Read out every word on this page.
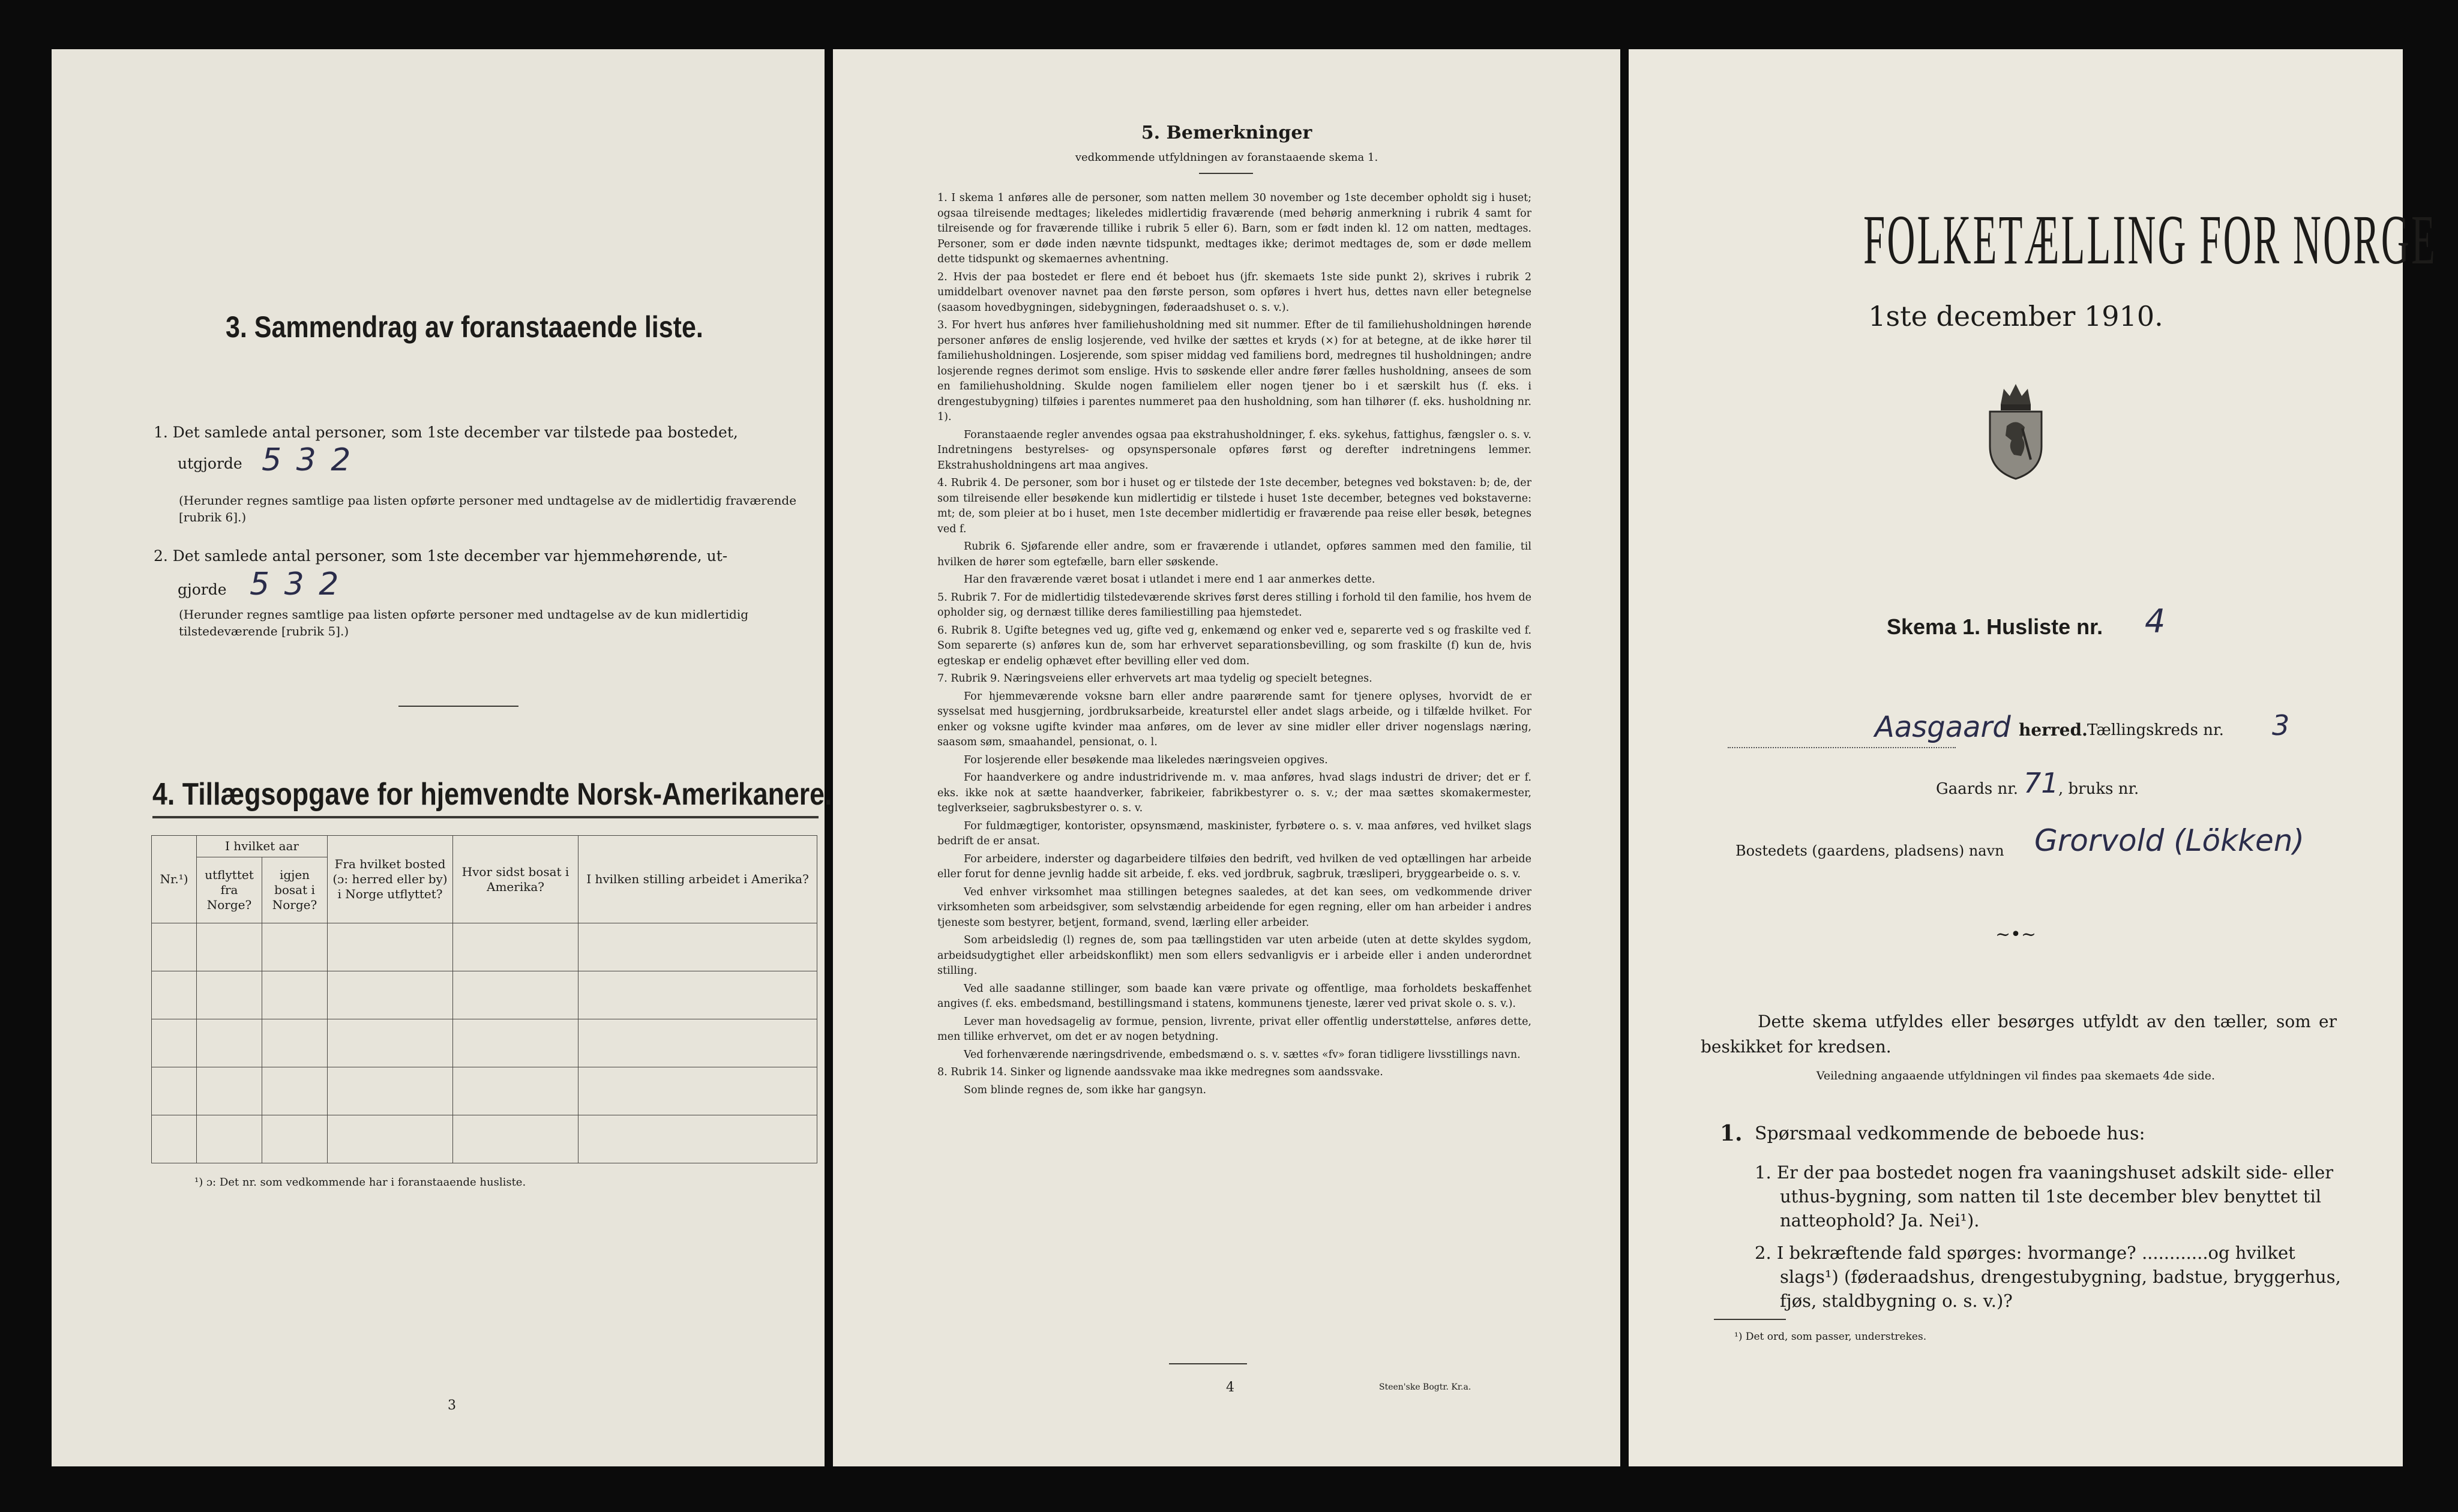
3. Sammendrag av foranstaaende liste.
1. Det samlede antal personer, som 1ste december var tilstede paa bostedet,
utgjorde 5 3 2
(Herunder regnes samtlige paa listen opførte personer med undtagelse av de midlertidig fraværende [rubrik 6].)
2. Det samlede antal personer, som 1ste december var hjemmehørende, ut-
gjorde 5 3 2
(Herunder regnes samtlige paa listen opførte personer med undtagelse av de kun midlertidig tilstedeværende [rubrik 5].)
4. Tillægsopgave for hjemvendte Norsk-Amerikanere.
Nr.¹)	I hvilket aar		Fra hvilket bosted (ɔ: herred eller by) i Norge utflyttet?	Hvor sidst bosat i Amerika?	I hvilken stilling arbeidet i Amerika?
	utflyttet fra Norge?	igjen bosat i Norge?			

¹) ɔ: Det nr. som vedkommende har i foranstaaende husliste.
3
5. Bemerkninger
vedkommende utfyldningen av foranstaaende skema 1.

1. I skema 1 anføres alle de personer, som natten mellem 30 november og 1ste december opholdt sig i huset; ogsaa tilreisende medtages; likeledes midlertidig fraværende (med behørig anmerkning i rubrik 4 samt for tilreisende og for fraværende tillike i rubrik 5 eller 6). Barn, som er født inden kl. 12 om natten, medtages. Personer, som er døde inden nævnte tidspunkt, medtages ikke; derimot medtages de, som er døde mellem dette tidspunkt og skemaernes avhentning.

2. Hvis der paa bostedet er flere end ét beboet hus (jfr. skemaets 1ste side punkt 2), skrives i rubrik 2 umiddelbart ovenover navnet paa den første person, som opføres i hvert hus, dettes navn eller betegnelse (saasom hovedbygningen, sidebygningen, føderaadshuset o. s. v.).

3. For hvert hus anføres hver familiehusholdning med sit nummer. Efter de til familiehusholdningen hørende personer anføres de enslig losjerende, ved hvilke der sættes et kryds (×) for at betegne, at de ikke hører til familiehusholdningen. Losjerende, som spiser middag ved familiens bord, medregnes til husholdningen; andre losjerende regnes derimot som enslige. Hvis to søskende eller andre fører fælles husholdning, ansees de som en familiehusholdning. Skulde nogen familielem eller nogen tjener bo i et særskilt hus (f. eks. i drengestubygning) tilføies i parentes nummeret paa den husholdning, som han tilhører (f. eks. husholdning nr. 1).

Foranstaaende regler anvendes ogsaa paa ekstrahusholdninger, f. eks. sykehus, fattighus, fængsler o. s. v. Indretningens bestyrelses- og opsynspersonale opføres først og derefter indretningens lemmer. Ekstrahusholdningens art maa angives.

4. Rubrik 4. De personer, som bor i huset og er tilstede der 1ste december, betegnes ved bokstaven: b; de, der som tilreisende eller besøkende kun midlertidig er tilstede i huset 1ste december, betegnes ved bokstaverne: mt; de, som pleier at bo i huset, men 1ste december midlertidig er fraværende paa reise eller besøk, betegnes ved f.

Rubrik 6. Sjøfarende eller andre, som er fraværende i utlandet, opføres sammen med den familie, til hvilken de hører som egtefælle, barn eller søskende.

Har den fraværende været bosat i utlandet i mere end 1 aar anmerkes dette.

5. Rubrik 7. For de midlertidig tilstedeværende skrives først deres stilling i forhold til den familie, hos hvem de opholder sig, og dernæst tillike deres familiestilling paa hjemstedet.

6. Rubrik 8. Ugifte betegnes ved ug, gifte ved g, enkemænd og enker ved e, separerte ved s og fraskilte ved f. Som separerte (s) anføres kun de, som har erhvervet separationsbevilling, og som fraskilte (f) kun de, hvis egteskap er endelig ophævet efter bevilling eller ved dom.

7. Rubrik 9. Næringsveiens eller erhvervets art maa tydelig og specielt betegnes.

For hjemmeværende voksne barn eller andre paarørende samt for tjenere oplyses, hvorvidt de er sysselsat med husgjerning, jordbruksarbeide, kreaturstel eller andet slags arbeide, og i tilfælde hvilket. For enker og voksne ugifte kvinder maa anføres, om de lever av sine midler eller driver nogenslags næring, saasom søm, smaahandel, pensionat, o. l.

For losjerende eller besøkende maa likeledes næringsveien opgives.

For haandverkere og andre industridrivende m. v. maa anføres, hvad slags industri de driver; det er f. eks. ikke nok at sætte haandverker, fabrikeier, fabrikbestyrer o. s. v.; der maa sættes skomakermester, teglverkseier, sagbruksbestyrer o. s. v.

For fuldmægtiger, kontorister, opsynsmænd, maskinister, fyrbøtere o. s. v. maa anføres, ved hvilket slags bedrift de er ansat.

For arbeidere, inderster og dagarbeidere tilføies den bedrift, ved hvilken de ved optællingen har arbeide eller forut for denne jevnlig hadde sit arbeide, f. eks. ved jordbruk, sagbruk, træsliperi, bryggearbeide o. s. v.

Ved enhver virksomhet maa stillingen betegnes saaledes, at det kan sees, om vedkommende driver virksomheten som arbeidsgiver, som selvstændig arbeidende for egen regning, eller om han arbeider i andres tjeneste som bestyrer, betjent, formand, svend, lærling eller arbeider.

Som arbeidsledig (l) regnes de, som paa tællingstiden var uten arbeide (uten at dette skyldes sygdom, arbeidsudygtighet eller arbeidskonflikt) men som ellers sedvanligvis er i arbeide eller i anden underordnet stilling.

Ved alle saadanne stillinger, som baade kan være private og offentlige, maa forholdets beskaffenhet angives (f. eks. embedsmand, bestillingsmand i statens, kommunens tjeneste, lærer ved privat skole o. s. v.).

Lever man hovedsagelig av formue, pension, livrente, privat eller offentlig understøttelse, anføres dette, men tillike erhvervet, om det er av nogen betydning.

Ved forhenværende næringsdrivende, embedsmænd o. s. v. sættes «fv» foran tidligere livsstillings navn.

8. Rubrik 14. Sinker og lignende aandssvake maa ikke medregnes som aandssvake.

Som blinde regnes de, som ikke har gangsyn.

4	Steen'ske Bogtr. Kr.a.
FOLKETÆLLING FOR NORGE
1ste december 1910.
Skema 1. Husliste nr. 4
Aasgaard herred. Tællingskreds nr. 3
Gaards nr. 71 , bruks nr.
Bostedets (gaardens, pladsens) navn Grorvold (Lökken)
~•~
Dette skema utfyldes eller besørges utfyldt av den tæller, som er beskikket for kredsen.
Veiledning angaaende utfyldningen vil findes paa skemaets 4de side.
1. Spørsmaal vedkommende de beboede hus:
1. Er der paa bostedet nogen fra vaaningshuset adskilt side- eller uthus-bygning, som natten til 1ste december blev benyttet til natteophold? Ja. Nei¹).
2. I bekræftende fald spørges: hvormange? ............og hvilket slags¹) (føderaadshus, drengestubygning, badstue, bryggerhus, fjøs, staldbygning o. s. v.)?
¹) Det ord, som passer, understrekes.
